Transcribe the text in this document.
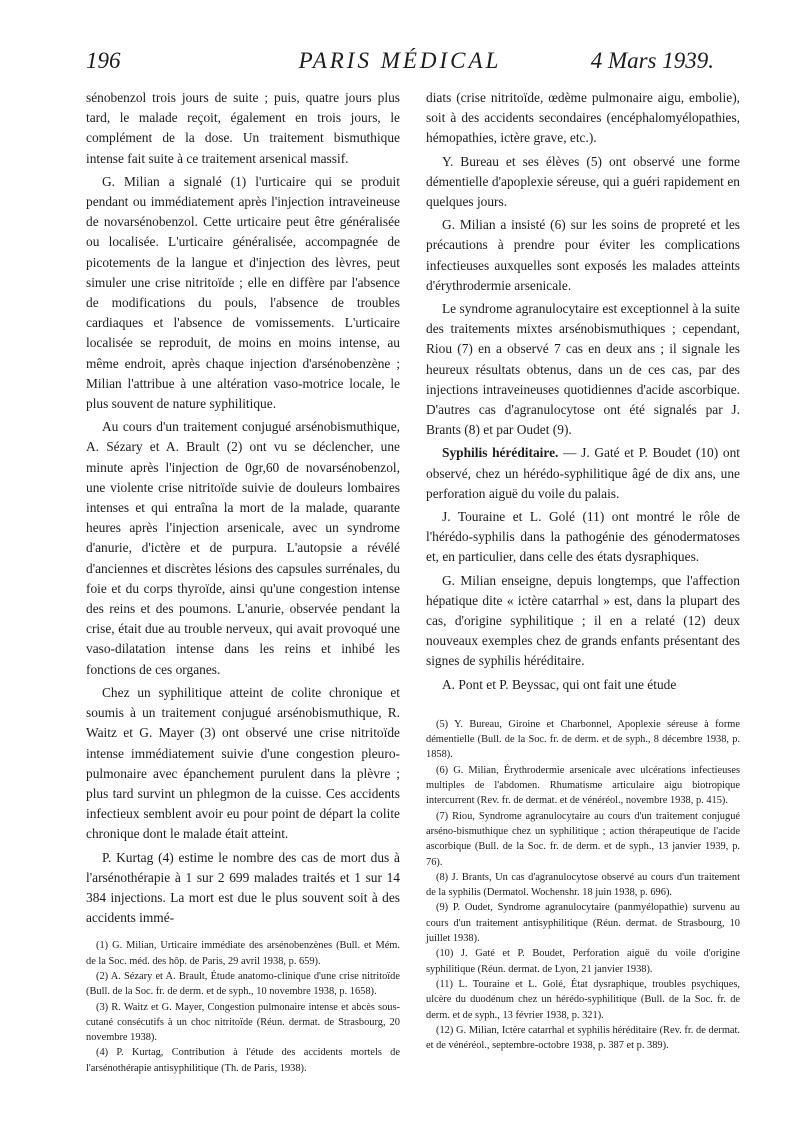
196	PARIS MÉDICAL	4 Mars 1939.

sénobenzol trois jours de suite ; puis, quatre jours plus tard, le malade reçoit, également en trois jours, le complément de la dose. Un traitement bismuthique intense fait suite à ce traitement arsenical massif.

G. Milian a signalé (1) l'urticaire qui se produit pendant ou immédiatement après l'injection intraveineuse de novarsénobenzol. Cette urticaire peut être généralisée ou localisée. L'urticaire généralisée, accompagnée de picotements de la langue et d'injection des lèvres, peut simuler une crise nitritoïde ; elle en diffère par l'absence de modifications du pouls, l'absence de troubles cardiaques et l'absence de vomissements. L'urticaire localisée se reproduit, de moins en moins intense, au même endroit, après chaque injection d'arsénobenzène ; Milian l'attribue à une altération vaso-motrice locale, le plus souvent de nature syphilitique.

Au cours d'un traitement conjugué arsénobismuthique, A. Sézary et A. Brault (2) ont vu se déclencher, une minute après l'injection de 0gr,60 de novarsénobenzol, une violente crise nitritoïde suivie de douleurs lombaires intenses et qui entraîna la mort de la malade, quarante heures après l'injection arsenicale, avec un syndrome d'anurie, d'ictère et de purpura. L'autopsie a révélé d'anciennes et discrètes lésions des capsules surrénales, du foie et du corps thyroïde, ainsi qu'une congestion intense des reins et des poumons. L'anurie, observée pendant la crise, était due au trouble nerveux, qui avait provoqué une vaso-dilatation intense dans les reins et inhibé les fonctions de ces organes.

Chez un syphilitique atteint de colite chronique et soumis à un traitement conjugué arsénobismuthique, R. Waitz et G. Mayer (3) ont observé une crise nitritoïde intense immédiatement suivie d'une congestion pleuro-pulmonaire avec épanchement purulent dans la plèvre ; plus tard survint un phlegmon de la cuisse. Ces accidents infectieux semblent avoir eu pour point de départ la colite chronique dont le malade était atteint.

P. Kurtag (4) estime le nombre des cas de mort dus à l'arsénothérapie à 1 sur 2 699 malades traités et 1 sur 14 384 injections. La mort est due le plus souvent soit à des accidents immé-

(1) G. Milian, Urticaire immédiate des arsénobenzènes (Bull. et Mém. de la Soc. méd. des hôp. de Paris, 29 avril 1938, p. 659).

(2) A. Sézary et A. Brault, Étude anatomo-clinique d'une crise nitritoïde (Bull. de la Soc. fr. de derm. et de syph., 10 novembre 1938, p. 1658).

(3) R. Waitz et G. Mayer, Congestion pulmonaire intense et abcès sous-cutané consécutifs à un choc nitritoïde (Réun. dermat. de Strasbourg, 20 novembre 1938).

(4) P. Kurtag, Contribution à l'étude des accidents mortels de l'arsénothérapie antisyphilitique (Th. de Paris, 1938).

diats (crise nitritoïde, œdème pulmonaire aigu, embolie), soit à des accidents secondaires (encéphalomyélopathies, hémopathies, ictère grave, etc.).

Y. Bureau et ses élèves (5) ont observé une forme démentielle d'apoplexie séreuse, qui a guéri rapidement en quelques jours.

G. Milian a insisté (6) sur les soins de propreté et les précautions à prendre pour éviter les complications infectieuses auxquelles sont exposés les malades atteints d'érythrodermie arsenicale.

Le syndrome agranulocytaire est exceptionnel à la suite des traitements mixtes arsénobismuthiques ; cependant, Riou (7) en a observé 7 cas en deux ans ; il signale les heureux résultats obtenus, dans un de ces cas, par des injections intraveineuses quotidiennes d'acide ascorbique. D'autres cas d'agranulocytose ont été signalés par J. Brants (8) et par Oudet (9).

Syphilis héréditaire. — J. Gaté et P. Boudet (10) ont observé, chez un hérédo-syphilitique âgé de dix ans, une perforation aiguë du voile du palais.

J. Touraine et L. Golé (11) ont montré le rôle de l'hérédo-syphilis dans la pathogénie des génodermatoses et, en particulier, dans celle des états dysraphiques.

G. Milian enseigne, depuis longtemps, que l'affection hépatique dite « ictère catarrhal » est, dans la plupart des cas, d'origine syphilitique ; il en a relaté (12) deux nouveaux exemples chez de grands enfants présentant des signes de syphilis héréditaire.

A. Pont et P. Beyssac, qui ont fait une étude

(5) Y. Bureau, Giroine et Charbonnel, Apoplexie séreuse à forme démentielle (Bull. de la Soc. fr. de derm. et de syph., 8 décembre 1938, p. 1858).

(6) G. Milian, Érythrodermie arsenicale avec ulcérations infectieuses multiples de l'abdomen. Rhumatisme articulaire aigu biotropique intercurrent (Rev. fr. de dermat. et de vénéréol., novembre 1938, p. 415).

(7) Riou, Syndrome agranulocytaire au cours d'un traitement conjugué arséno-bismuthique chez un syphilitique ; action thérapeutique de l'acide ascorbique (Bull. de la Soc. fr. de derm. et de syph., 13 janvier 1939, p. 76).

(8) J. Brants, Un cas d'agranulocytose observé au cours d'un traitement de la syphilis (Dermatol. Wochenshr. 18 juin 1938, p. 696).

(9) P. Oudet, Syndrome agranulocytaire (panmyélopathie) survenu au cours d'un traitement antisyphilitique (Réun. dermat. de Strasbourg, 10 juillet 1938).

(10) J. Gaté et P. Boudet, Perforation aiguë du voile d'origine syphilitique (Réun. dermat. de Lyon, 21 janvier 1938).

(11) L. Touraine et L. Golé, État dysraphique, troubles psychiques, ulcère du duodénum chez un hérédo-syphilitique (Bull. de la Soc. fr. de derm. et de syph., 13 février 1938, p. 321).

(12) G. Milian, Ictère catarrhal et syphilis héréditaire (Rev. fr. de dermat. et de vénéréol., septembre-octobre 1938, p. 387 et p. 389).
